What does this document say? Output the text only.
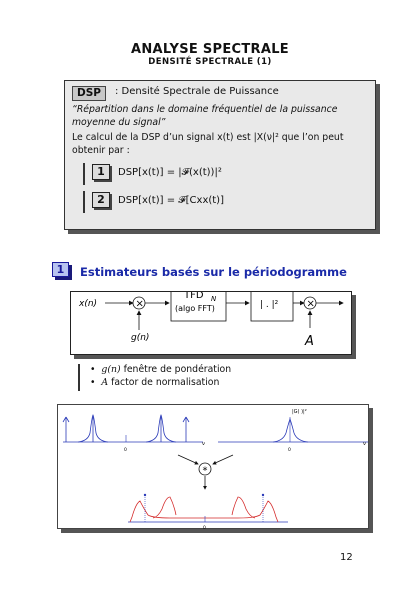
ANALYSE SPECTRALE
DENSITÉ SPECTRALE (1)
DSP	: Densité Spectrale de Puissance
“Répartition dans le domaine fréquentiel de la puissance moyenne du signal”
Le calcul de la DSP d’un signal x(t) est |X(ν|² que l’on peut obtenir par :
1	DSP[x(t)] = |𝓕(x(t))|²
2	DSP[x(t)] = 𝓕[Cxx(t)]
1	Estimateurs basés sur le périodogramme
x(n)	×
g(n)
TFD N
(algo FFT)	| . |²	×
A
•  g(n) fenêtre de pondération
•  A factor de normalisation
0
ν
|G( )|²
0
ν
*
0
12
